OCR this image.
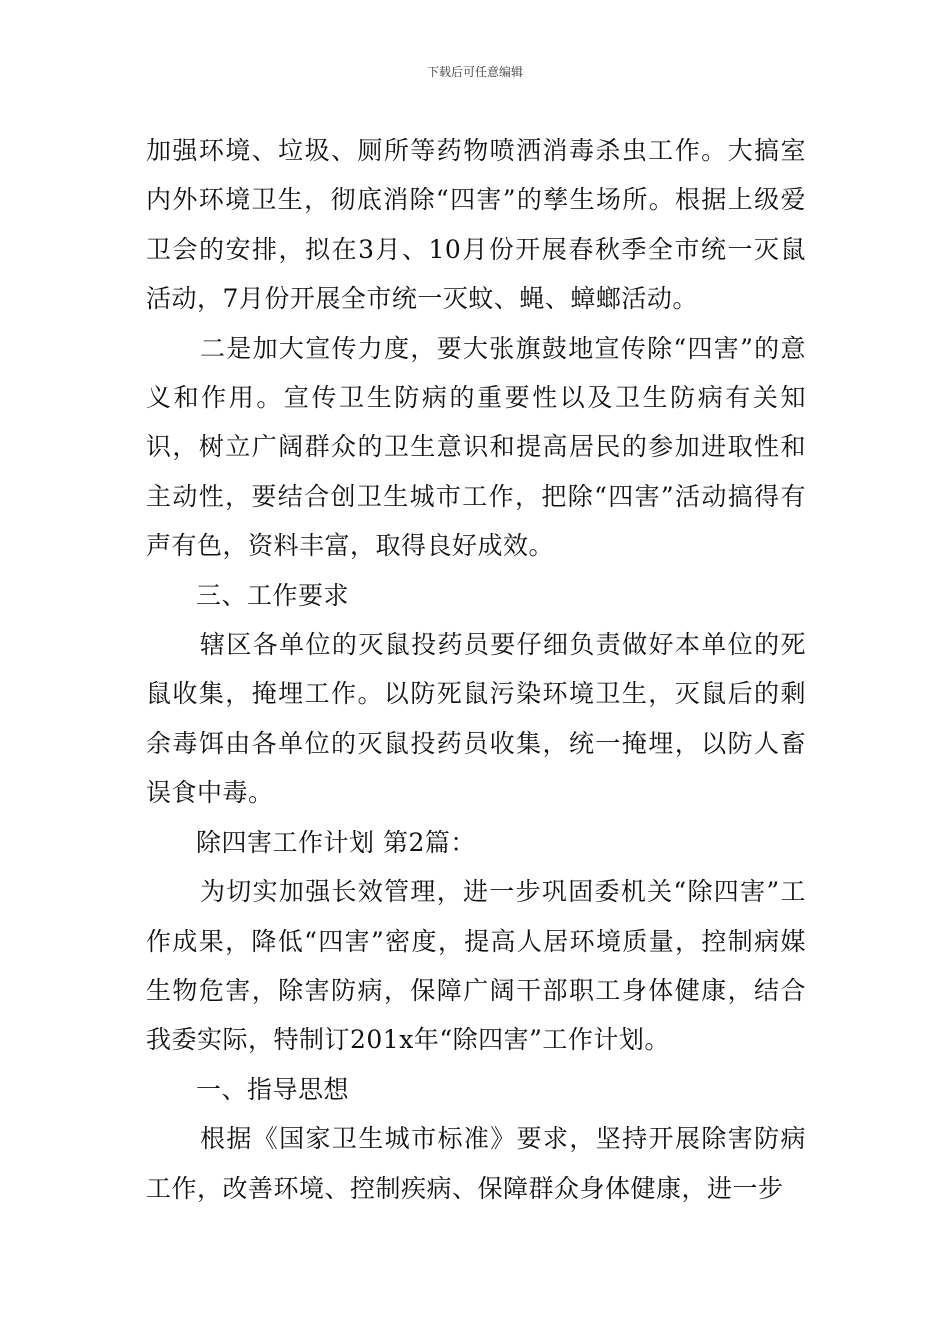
下载后可任意编辑

加强环境、垃圾、厕所等药物喷洒消毒杀虫工作。大搞室内外环境卫生，彻底消除“四害”的孳生场所。根据上级爱卫会的安排，拟在3月、10月份开展春秋季全市统一灭鼠活动，7月份开展全市统一灭蚊、蝇、蟑螂活动。

二是加大宣传力度，要大张旗鼓地宣传除“四害”的意义和作用。宣传卫生防病的重要性以及卫生防病有关知识，树立广阔群众的卫生意识和提高居民的参加进取性和主动性，要结合创卫生城市工作，把除“四害”活动搞得有声有色，资料丰富，取得良好成效。

三、工作要求

辖区各单位的灭鼠投药员要仔细负责做好本单位的死鼠收集，掩埋工作。以防死鼠污染环境卫生，灭鼠后的剩余毒饵由各单位的灭鼠投药员收集，统一掩埋，以防人畜误食中毒。

除四害工作计划 第2篇：

为切实加强长效管理，进一步巩固委机关“除四害”工作成果，降低“四害”密度，提高人居环境质量，控制病媒生物危害，除害防病，保障广阔干部职工身体健康，结合我委实际，特制订201x年“除四害”工作计划。

一、指导思想

根据《国家卫生城市标准》要求，坚持开展除害防病工作，改善环境、控制疾病、保障群众身体健康，进一步
